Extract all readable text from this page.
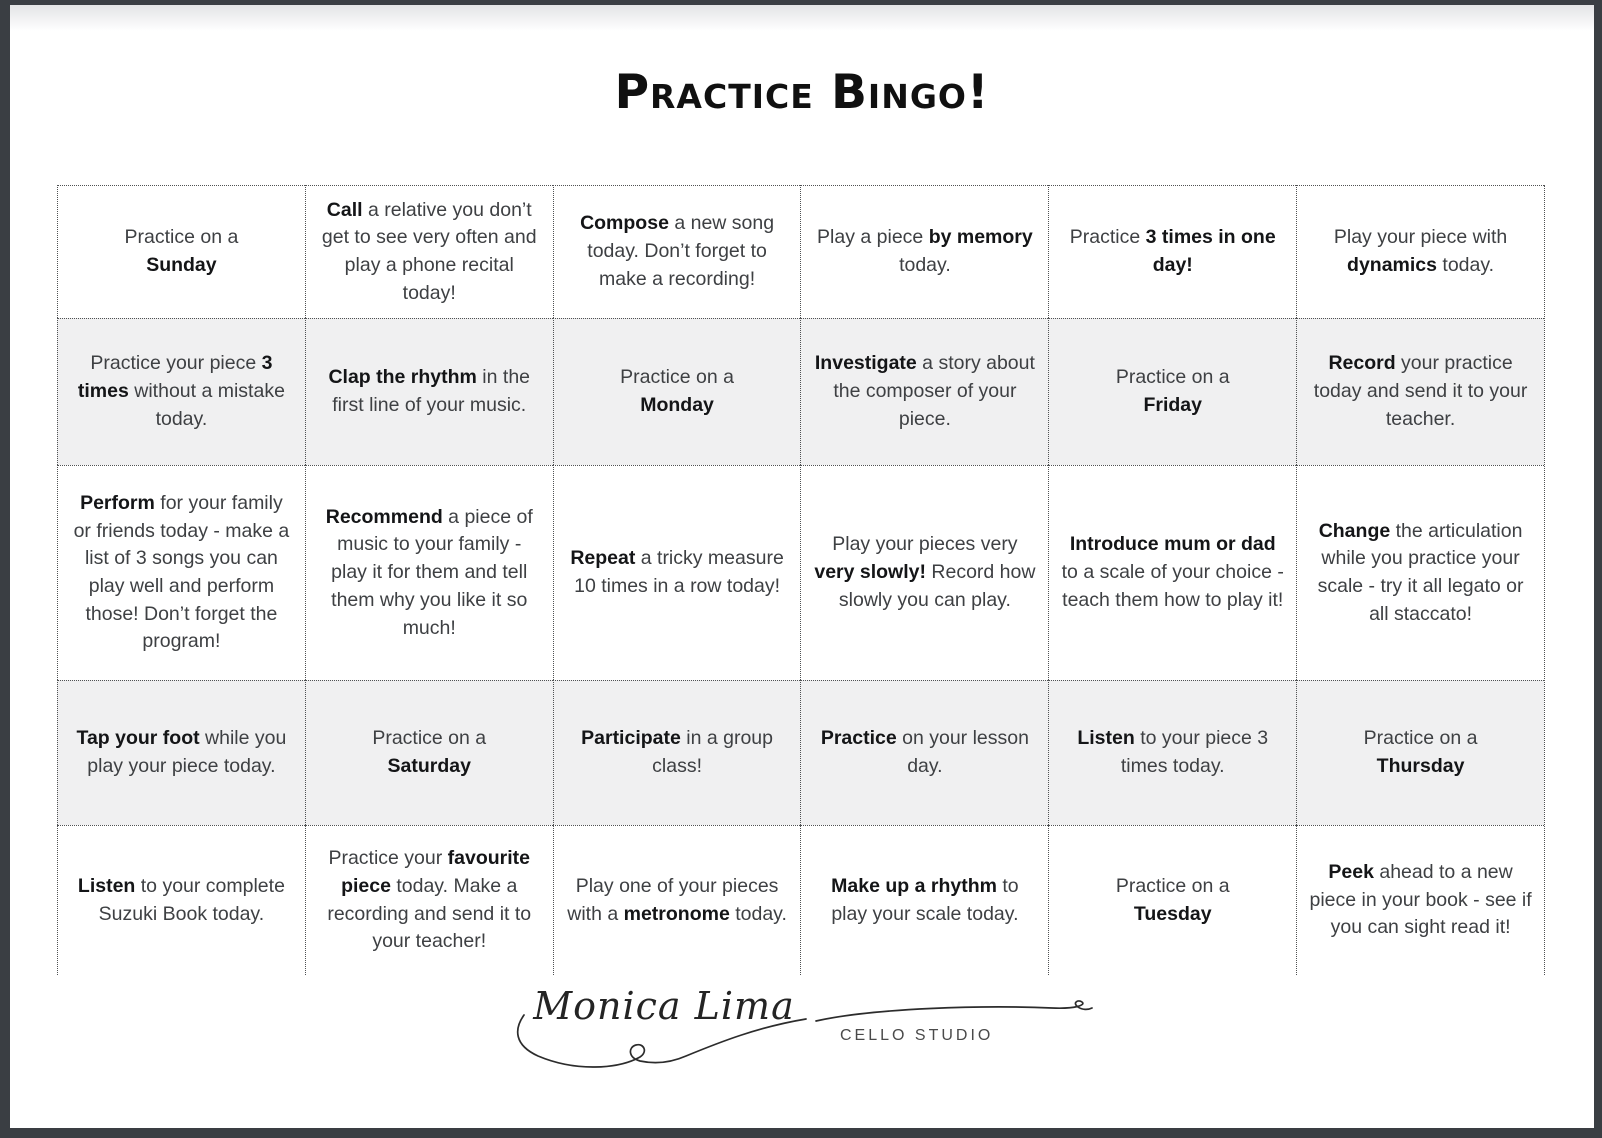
Practice Bingo!
Practice on a
Sunday
Call a relative you don’t get to see very often and play a phone recital today!
Compose a new song today. Don’t forget to make a recording!
Play a piece by memory today.
Practice 3 times in one day!
Play your piece with dynamics today.
Practice your piece 3 times without a mistake today.
Clap the rhythm in the first line of your music.
Practice on a
Monday
Investigate a story about the composer of your piece.
Practice on a
Friday
Record your practice today and send it to your teacher.
Perform for your family or friends today - make a list of 3 songs you can play well and perform those! Don’t forget the program!
Recommend a piece of music to your family - play it for them and tell them why you like it so much!
Repeat a tricky measure 10 times in a row today!
Play your pieces very very slowly! Record how slowly you can play.
Introduce mum or dad to a scale of your choice - teach them how to play it!
Change the articulation while you practice your scale - try it all legato or all staccato!
Tap your foot while you play your piece today.
Practice on a
Saturday
Participate in a group class!
Practice on your lesson day.
Listen to your piece 3 times today.
Practice on a
Thursday
Listen to your complete Suzuki Book today.
Practice your favourite piece today. Make a recording and send it to your teacher!
Play one of your pieces with a metronome today.
Make up a rhythm to play your scale today.
Practice on a
Tuesday
Peek ahead to a new piece in your book - see if you can sight read it!
Monica Lima
CELLO STUDIO
